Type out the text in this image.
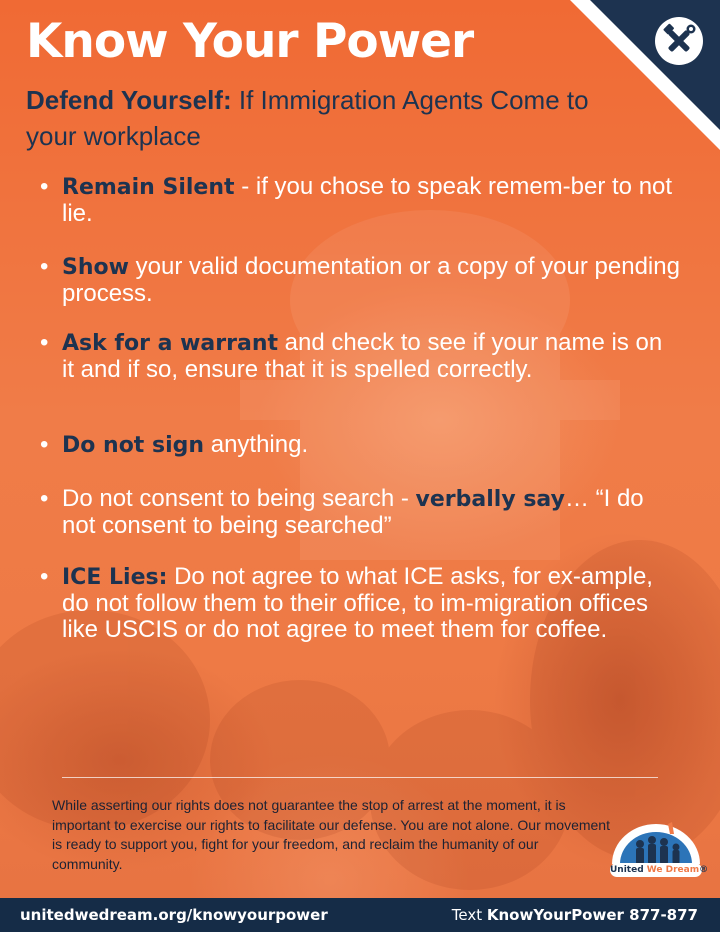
Know Your Power
Defend Yourself: If Immigration Agents Come to your workplace
• Remain Silent - if you chose to speak remem-ber to not lie.
• Show your valid documentation or a copy of your pending process.
• Ask for a warrant and check to see if your name is on it and if so, ensure that it is spelled correctly.
• Do not sign anything.
• Do not consent to being search - verbally say… “I do not consent to being searched”
• ICE Lies: Do not agree to what ICE asks, for ex-ample, do not follow them to their office, to im-migration offices like USCIS or do not agree to meet them for coffee.

While asserting our rights does not guarantee the stop of arrest at the moment, it is important to exercise our rights to facilitate our defense. You are not alone. Our movement is ready to support you, fight for your freedom, and reclaim the humanity of our community.	United We Dream®
unitedwedream.org/knowyourpower	Text KnowYourPower 877-877
